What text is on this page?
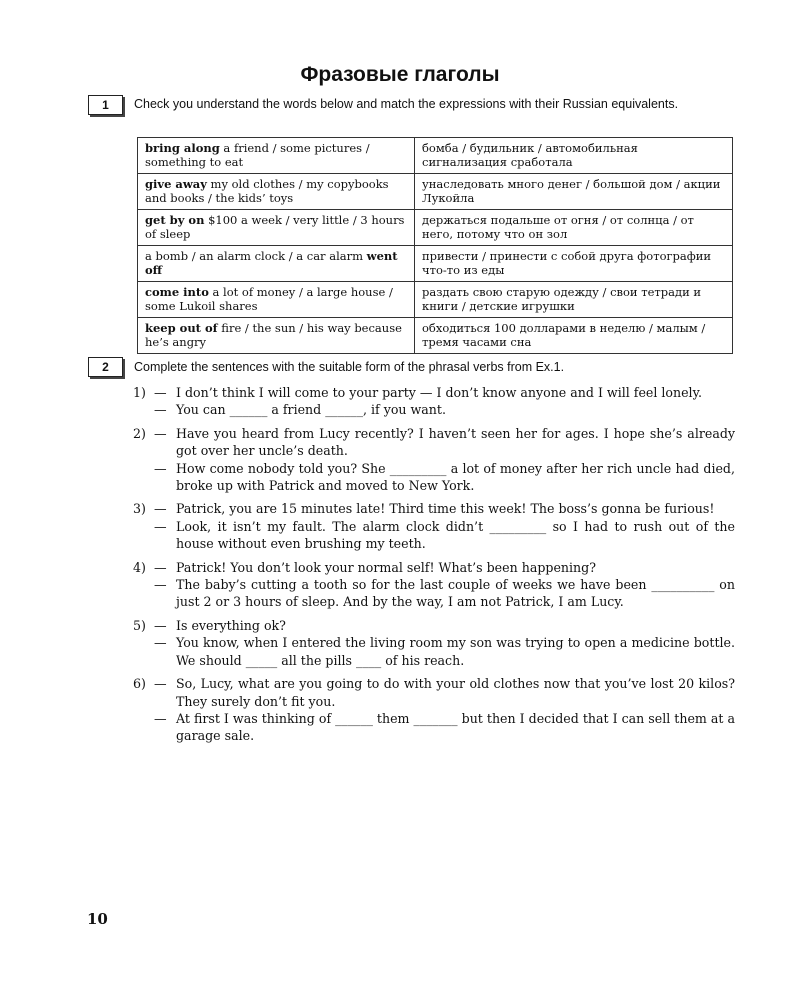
Фразовые глаголы
1	Check you understand the words below and match the expressions with their Russian equivalents.
bring along a friend / some pictures / something to eat	бомба / будильник / автомобильная сигнализация сработала
give away my old clothes / my copybooks and books / the kids’ toys	унаследовать много денег / большой дом / акции Лукойла
get by on $100 a week / very little / 3 hours of sleep	держаться подальше от огня / от солнца / от него, потому что он зол
a bomb / an alarm clock / a car alarm went off	привести / принести с собой друга фотографии что-то из еды
come into a lot of money / a large house / some Lukoil shares	раздать свою старую одежду / свои тетради и книги / детские игрушки
keep out of fire / the sun / his way because he’s angry	обходиться 100 долларами в неделю / малым / тремя часами сна
2	Complete the sentences with the suitable form of the phrasal verbs from Ex.1.
1) — I don’t think I will come to your party — I don’t know anyone and I will feel lonely.
— You can ______ a friend ______, if you want.
2) — Have you heard from Lucy recently? I haven’t seen her for ages. I hope she’s already got over her uncle’s death.
— How come nobody told you? She _________ a lot of money after her rich uncle had died, broke up with Patrick and moved to New York.
3) — Patrick, you are 15 minutes late! Third time this week! The boss’s gonna be furious!
— Look, it isn’t my fault. The alarm clock didn’t _________ so I had to rush out of the house without even brushing my teeth.
4) — Patrick! You don’t look your normal self! What’s been happening?
— The baby’s cutting a tooth so for the last couple of weeks we have been __________ on just 2 or 3 hours of sleep. And by the way, I am not Patrick, I am Lucy.
5) — Is everything ok?
— You know, when I entered the living room my son was trying to open a medicine bottle. We should _____ all the pills ____ of his reach.
6) — So, Lucy, what are you going to do with your old clothes now that you’ve lost 20 kilos? They surely don’t fit you.
— At first I was thinking of ______ them _______ but then I decided that I can sell them at a garage sale.
10
